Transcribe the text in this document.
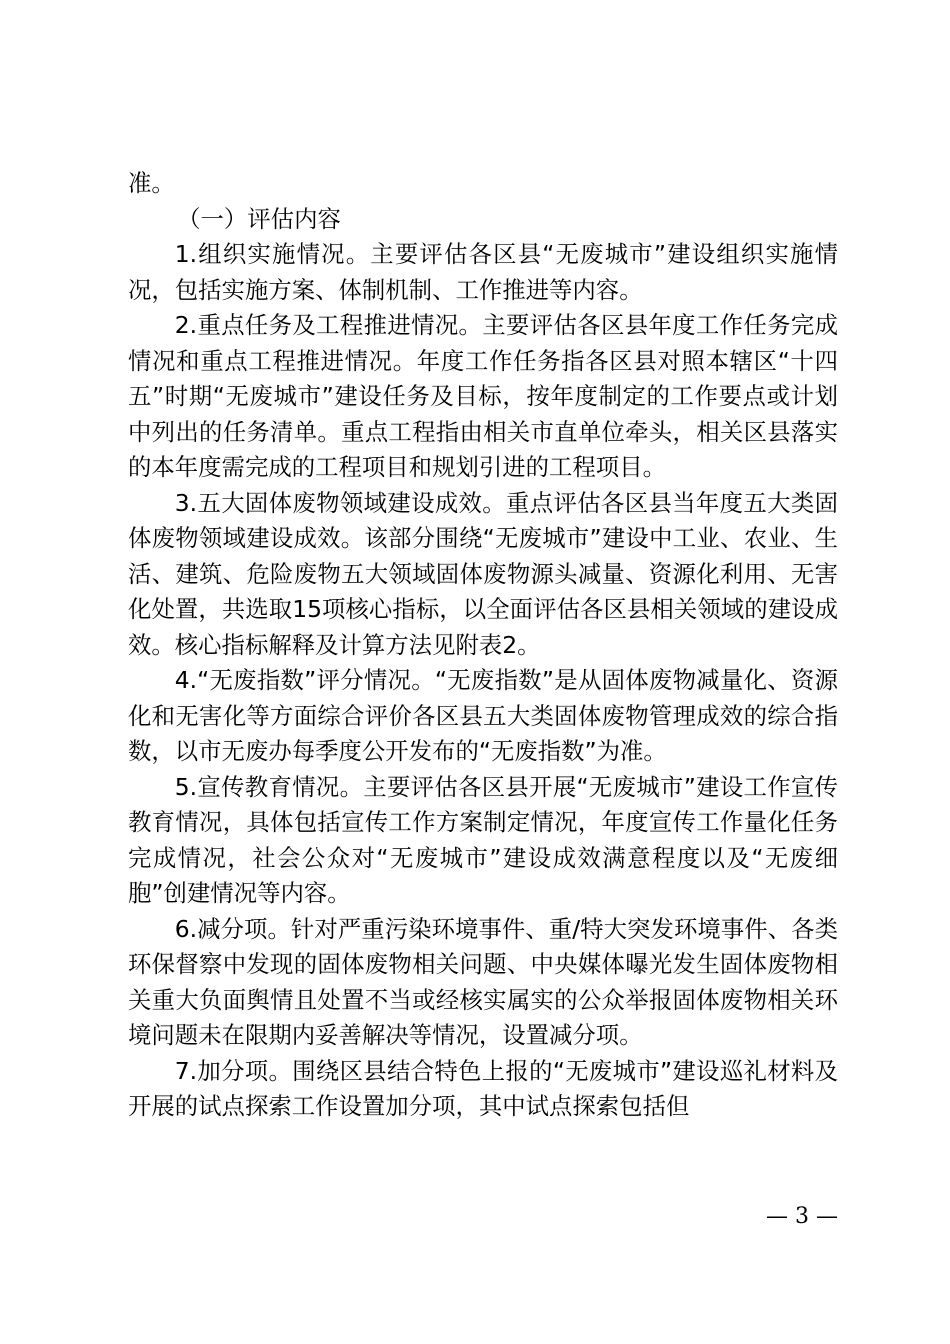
准。

（一）评估内容

1.组织实施情况。主要评估各区县“无废城市”建设组织实施情况，包括实施方案、体制机制、工作推进等内容。

2.重点任务及工程推进情况。主要评估各区县年度工作任务完成情况和重点工程推进情况。年度工作任务指各区县对照本辖区“十四五”时期“无废城市”建设任务及目标，按年度制定的工作要点或计划中列出的任务清单。重点工程指由相关市直单位牵头，相关区县落实的本年度需完成的工程项目和规划引进的工程项目。

3.五大固体废物领域建设成效。重点评估各区县当年度五大类固体废物领域建设成效。该部分围绕“无废城市”建设中工业、农业、生活、建筑、危险废物五大领域固体废物源头减量、资源化利用、无害化处置，共选取15项核心指标，以全面评估各区县相关领域的建设成效。核心指标解释及计算方法见附表2。

4.“无废指数”评分情况。“无废指数”是从固体废物减量化、资源化和无害化等方面综合评价各区县五大类固体废物管理成效的综合指数，以市无废办每季度公开发布的“无废指数”为准。

5.宣传教育情况。主要评估各区县开展“无废城市”建设工作宣传教育情况，具体包括宣传工作方案制定情况，年度宣传工作量化任务完成情况，社会公众对“无废城市”建设成效满意程度以及“无废细胞”创建情况等内容。

6.减分项。针对严重污染环境事件、重/特大突发环境事件、各类环保督察中发现的固体废物相关问题、中央媒体曝光发生固体废物相关重大负面舆情且处置不当或经核实属实的公众举报固体废物相关环境问题未在限期内妥善解决等情况，设置减分项。

7.加分项。围绕区县结合特色上报的“无废城市”建设巡礼材料及开展的试点探索工作设置加分项，其中试点探索包括但

— 3 —
